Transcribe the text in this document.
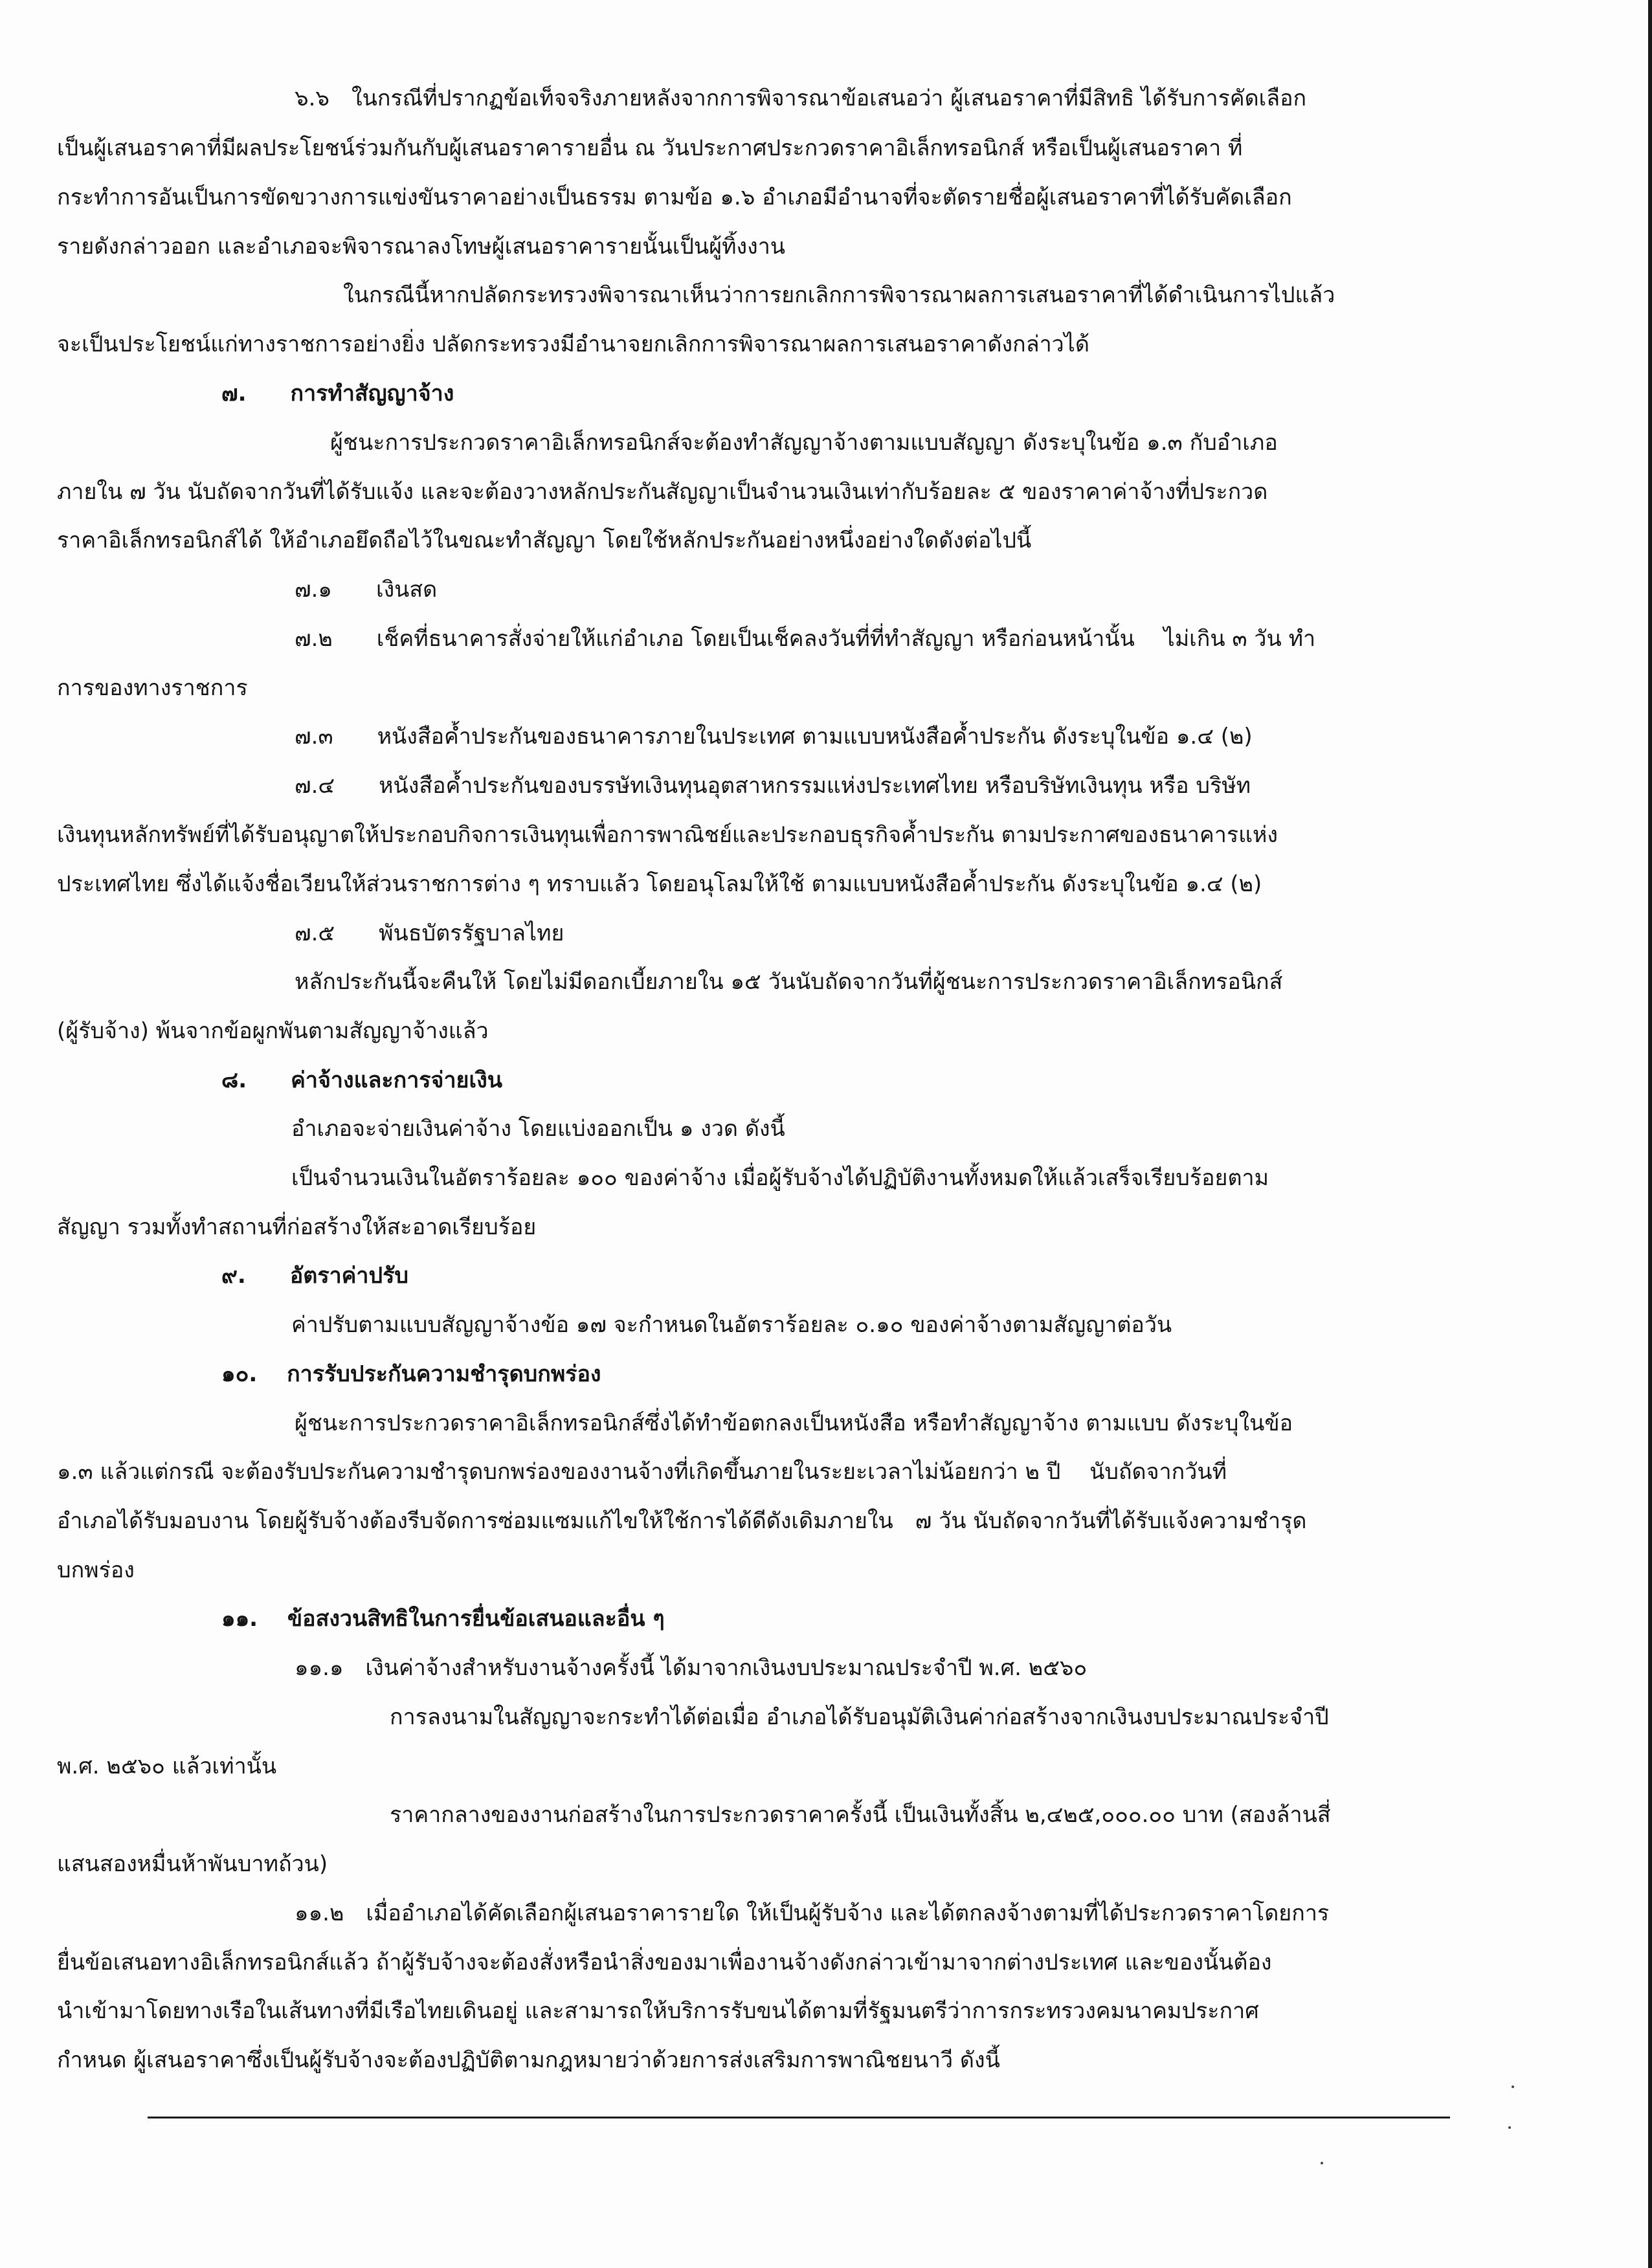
๖.๖ ในกรณีที่ปรากฏข้อเท็จจริงภายหลังจากการพิจารณาข้อเสนอว่า ผู้เสนอราคาที่มีสิทธิ ได้รับการคัดเลือก
เป็นผู้เสนอราคาที่มีผลประโยชน์ร่วมกันกับผู้เสนอราคารายอื่น ณ วันประกาศประกวดราคาอิเล็กทรอนิกส์ หรือเป็นผู้เสนอราคา ที่
กระทำการอันเป็นการขัดขวางการแข่งขันราคาอย่างเป็นธรรม ตามข้อ ๑.๖ อำเภอมีอำนาจที่จะตัดรายชื่อผู้เสนอราคาที่ได้รับคัดเลือก
รายดังกล่าวออก และอำเภอจะพิจารณาลงโทษผู้เสนอราคารายนั้นเป็นผู้ทิ้งงาน
ในกรณีนี้หากปลัดกระทรวงพิจารณาเห็นว่าการยกเลิกการพิจารณาผลการเสนอราคาที่ได้ดำเนินการไปแล้ว
จะเป็นประโยชน์แก่ทางราชการอย่างยิ่ง ปลัดกระทรวงมีอำนาจยกเลิกการพิจารณาผลการเสนอราคาดังกล่าวได้
๗.  การทำสัญญาจ้าง
ผู้ชนะการประกวดราคาอิเล็กทรอนิกส์จะต้องทำสัญญาจ้างตามแบบสัญญา ดังระบุในข้อ ๑.๓ กับอำเภอ
ภายใน ๗ วัน นับถัดจากวันที่ได้รับแจ้ง และจะต้องวางหลักประกันสัญญาเป็นจำนวนเงินเท่ากับร้อยละ ๕ ของราคาค่าจ้างที่ประกวด
ราคาอิเล็กทรอนิกส์ได้ ให้อำเภอยึดถือไว้ในขณะทำสัญญา โดยใช้หลักประกันอย่างหนึ่งอย่างใดดังต่อไปนี้
๗.๑  เงินสด
๗.๒  เช็คที่ธนาคารสั่งจ่ายให้แก่อำเภอ โดยเป็นเช็คลงวันที่ที่ทำสัญญา หรือก่อนหน้านั้น  ไม่เกิน ๓ วัน ทำ
การของทางราชการ
๗.๓  หนังสือค้ำประกันของธนาคารภายในประเทศ ตามแบบหนังสือค้ำประกัน ดังระบุในข้อ ๑.๔ (๒)
๗.๔  หนังสือค้ำประกันของบรรษัทเงินทุนอุตสาหกรรมแห่งประเทศไทย หรือบริษัทเงินทุน หรือ บริษัท
เงินทุนหลักทรัพย์ที่ได้รับอนุญาตให้ประกอบกิจการเงินทุนเพื่อการพาณิชย์และประกอบธุรกิจค้ำประกัน ตามประกาศของธนาคารแห่ง
ประเทศไทย ซึ่งได้แจ้งชื่อเวียนให้ส่วนราชการต่าง ๆ ทราบแล้ว โดยอนุโลมให้ใช้ ตามแบบหนังสือค้ำประกัน ดังระบุในข้อ ๑.๔ (๒)
๗.๕  พันธบัตรรัฐบาลไทย
หลักประกันนี้จะคืนให้ โดยไม่มีดอกเบี้ยภายใน ๑๕ วันนับถัดจากวันที่ผู้ชนะการประกวดราคาอิเล็กทรอนิกส์
(ผู้รับจ้าง) พ้นจากข้อผูกพันตามสัญญาจ้างแล้ว
๘.  ค่าจ้างและการจ่ายเงิน
อำเภอจะจ่ายเงินค่าจ้าง โดยแบ่งออกเป็น ๑ งวด ดังนี้
เป็นจำนวนเงินในอัตราร้อยละ ๑๐๐ ของค่าจ้าง เมื่อผู้รับจ้างได้ปฏิบัติงานทั้งหมดให้แล้วเสร็จเรียบร้อยตาม
สัญญา รวมทั้งทำสถานที่ก่อสร้างให้สะอาดเรียบร้อย
๙.  อัตราค่าปรับ
ค่าปรับตามแบบสัญญาจ้างข้อ ๑๗ จะกำหนดในอัตราร้อยละ ๐.๑๐ ของค่าจ้างตามสัญญาต่อวัน
๑๐.  การรับประกันความชำรุดบกพร่อง
ผู้ชนะการประกวดราคาอิเล็กทรอนิกส์ซึ่งได้ทำข้อตกลงเป็นหนังสือ หรือทำสัญญาจ้าง ตามแบบ ดังระบุในข้อ
๑.๓ แล้วแต่กรณี จะต้องรับประกันความชำรุดบกพร่องของงานจ้างที่เกิดขึ้นภายในระยะเวลาไม่น้อยกว่า ๒ ปี  นับถัดจากวันที่
อำเภอได้รับมอบงาน โดยผู้รับจ้างต้องรีบจัดการซ่อมแซมแก้ไขให้ใช้การได้ดีดังเดิมภายใน ๗ วัน นับถัดจากวันที่ได้รับแจ้งความชำรุด
บกพร่อง
๑๑.  ข้อสงวนสิทธิในการยื่นข้อเสนอและอื่น ๆ
๑๑.๑ เงินค่าจ้างสำหรับงานจ้างครั้งนี้ ได้มาจากเงินงบประมาณประจำปี พ.ศ. ๒๕๖๐
การลงนามในสัญญาจะกระทำได้ต่อเมื่อ อำเภอได้รับอนุมัติเงินค่าก่อสร้างจากเงินงบประมาณประจำปี
พ.ศ. ๒๕๖๐ แล้วเท่านั้น
ราคากลางของงานก่อสร้างในการประกวดราคาครั้งนี้ เป็นเงินทั้งสิ้น ๒,๔๒๕,๐๐๐.๐๐ บาท (สองล้านสี่
แสนสองหมื่นห้าพันบาทถ้วน)
๑๑.๒ เมื่ออำเภอได้คัดเลือกผู้เสนอราคารายใด ให้เป็นผู้รับจ้าง และได้ตกลงจ้างตามที่ได้ประกวดราคาโดยการ
ยื่นข้อเสนอทางอิเล็กทรอนิกส์แล้ว ถ้าผู้รับจ้างจะต้องสั่งหรือนำสิ่งของมาเพื่องานจ้างดังกล่าวเข้ามาจากต่างประเทศ และของนั้นต้อง
นำเข้ามาโดยทางเรือในเส้นทางที่มีเรือไทยเดินอยู่ และสามารถให้บริการรับขนได้ตามที่รัฐมนตรีว่าการกระทรวงคมนาคมประกาศ
กำหนด ผู้เสนอราคาซึ่งเป็นผู้รับจ้างจะต้องปฏิบัติตามกฎหมายว่าด้วยการส่งเสริมการพาณิชยนาวี ดังนี้
